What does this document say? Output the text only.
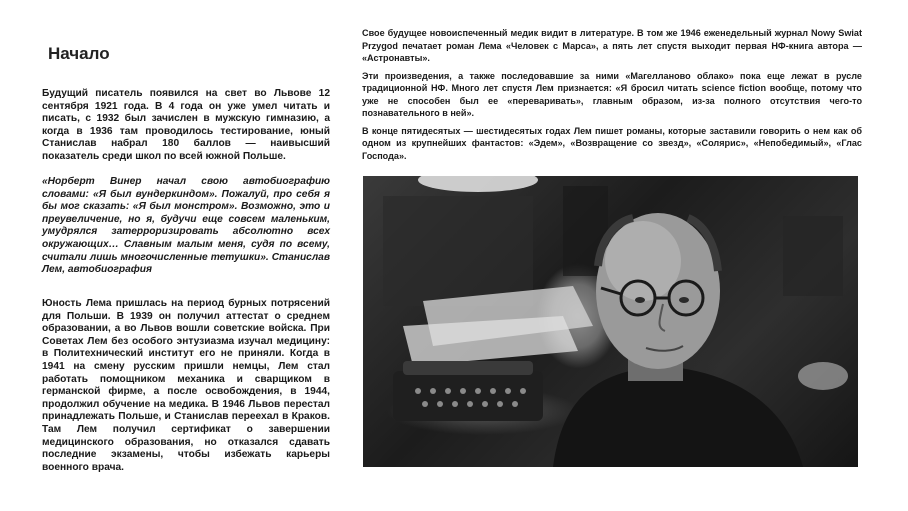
Начало

Будущий писатель появился на свет во Львове 12 сентября 1921 года. В 4 года он уже умел читать и писать, с 1932 был зачислен в мужскую гимназию, а когда в 1936 там проводилось тестирование, юный Станислав набрал 180 баллов — наивысший показатель среди школ по всей южной Польше.

«Норберт Винер начал свою автобиографию словами: «Я был вундеркиндом». Пожалуй, про себя я бы мог сказать: «Я был монстром». Возможно, это и преувеличение, но я, будучи еще совсем маленьким, умудрялся затерроризировать абсолютно всех окружающих… Славным малым меня, судя по всему, считали лишь многочисленные тетушки». Станислав Лем, автобиография

Юность Лема пришлась на период бурных потрясений для Польши. В 1939 он получил аттестат о среднем образовании, а во Львов вошли советские войска. При Советах Лем без особого энтузиазма изучал медицину: в Политехнический институт его не приняли. Когда в 1941 на смену русским пришли немцы, Лем стал работать помощником механика и сварщиком в германской фирме, а после освобождения, в 1944, продолжил обучение на медика. В 1946 Львов перестал принадлежать Польше, и Станислав переехал в Краков. Там Лем получил сертификат о завершении медицинского образования, но отказался сдавать последние экзамены, чтобы избежать карьеры военного врача.

Свое будущее новоиспеченный медик видит в литературе. В том же 1946 еженедельный журнал Nowy Swiat Przygod печатает роман Лема «Человек с Марса», а пять лет спустя выходит первая НФ-книга автора — «Астронавты».

Эти произведения, а также последовавшие за ними «Магелланово облако» пока еще лежат в русле традиционной НФ. Много лет спустя Лем признается: «Я бросил читать science fiction вообще, потому что уже не способен был ее «переваривать», главным образом, из-за полного отсутствия чего-то познавательного в ней».

В конце пятидесятых — шестидесятых годах Лем пишет романы, которые заставили говорить о нем как об одном из крупнейших фантастов: «Эдем», «Возвращение со звезд», «Солярис», «Непобедимый», «Глас Господа».
